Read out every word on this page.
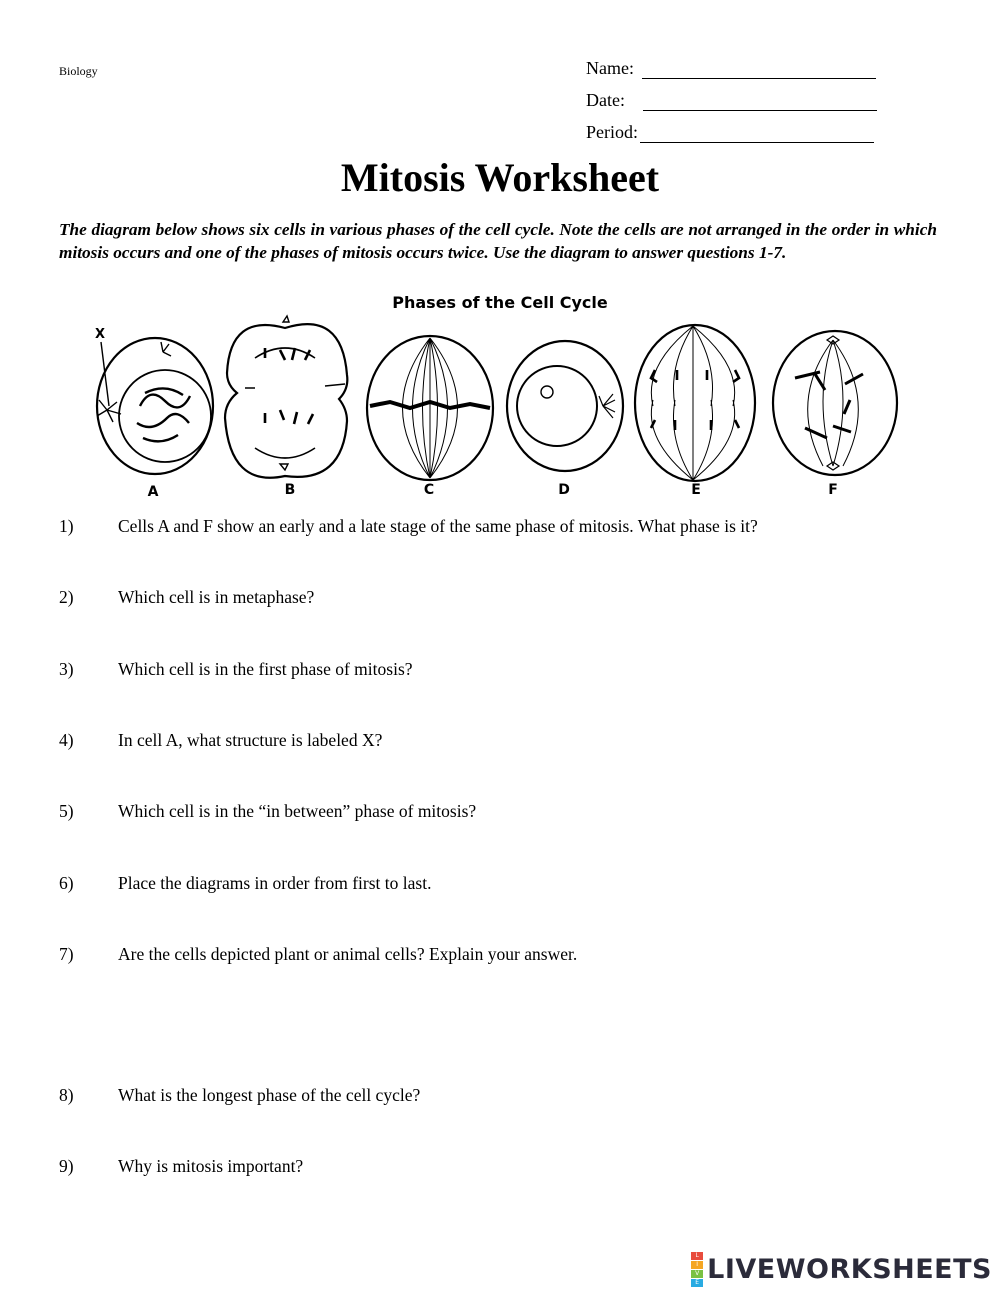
Biology	Name:
Date:
Period:
Mitosis Worksheet
The diagram below shows six cells in various phases of the cell cycle. Note the cells are not arranged in the order in which mitosis occurs and one of the phases of mitosis occurs twice. Use the diagram to answer questions 1-7.
Phases of the Cell Cycle
X
A	B	C	D	E	F
1)	Cells A and F show an early and a late stage of the same phase of mitosis. What phase is it?
2)	Which cell is in metaphase?
3)	Which cell is in the first phase of mitosis?
4)	In cell A, what structure is labeled X?
5)	Which cell is in the “in between” phase of mitosis?
6)	Place the diagrams in order from first to last.
7)	Are the cells depicted plant or animal cells? Explain your answer.
8)	What is the longest phase of the cell cycle?
9)	Why is mitosis important?
L
I
V
E LIVEWORKSHEETS
